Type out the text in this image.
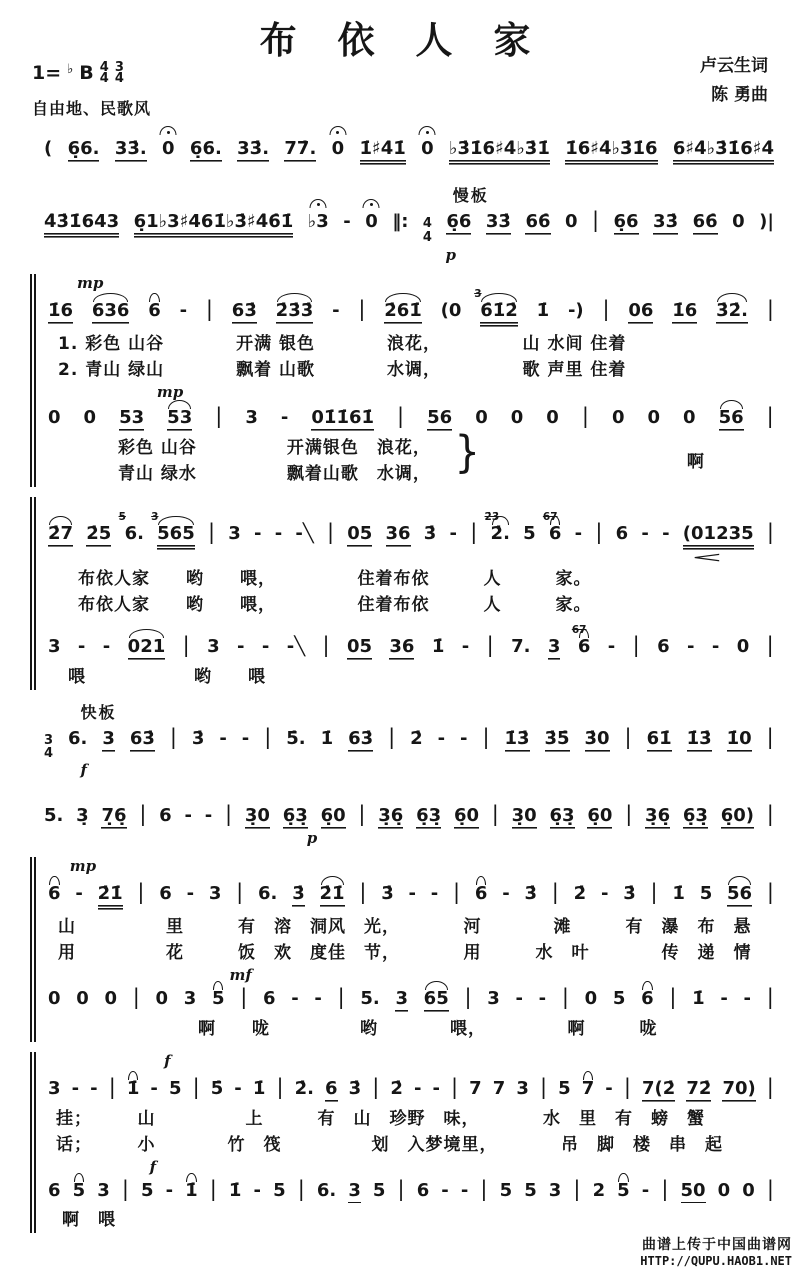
布 依 人 家
卢云生词
陈 勇曲
1= ♭ B 4
4
3
4
自由地、民歌风
( 6̣6. 33̇. 0 6̣6. 33̇. 77̇. 0 1̇♯4̇1̇ 0 ♭3̇1̇6♯4̇♭3̇1̇ 1̇6♯4̇♭3̇1̇6 6♯4̇♭3̇1̇6♯4̇
慢板
p
4̇3̇1̇643 6̣1♭3♯461̇♭3̇♯4̇6̇1̇ ♭3 - 0 ‖: 4
4
6̣6 33̇ 66̇ 0 | 6̣6 33̇ 66̇ 0 )|
mp
1̇6 636 6 - | 63̇ 2̇3̇3̇ - | 2̇61̇ (0
3
6̇1̇2̇ 1̇ -) | 06 1̇6 3̇2̇. |
1. 彩色 山谷　　　　开满 银色　　　　浪花，　　　　　山 水间 住着
2. 青山 绿山　　　　飘着 山歌　　　　水调，　　　　　歌 声里 住着
mp
0 0 53 53 | 3 - 01̇1̇61̇ | 56 0 0 0 | 0 0 0 56 |
彩色 山谷　　　　　开满银色　浪花， }	啊
青山 绿水　　　　　飘着山歌　水调，
<
2̇7 2̇5
5
6.
3
565 | 3 - - -╲ | 05 36 3̇ - |
2̇3̇
2̇. 5
67
6 - | 6 - - (01235 |
布依人家　　哟　　喂，　　　　　住着布依　　　人　　　家。
布依人家　　哟　　喂，　　　　　住着布依　　　人　　　家。
3 - - 021 | 3 - - -╲ | 05 36 1̇ - | 7. 3
67
6 - | 6 - - 0 |
喂　　　　　　哟　　喂
快板
f
3
4
6. 3 63̇ | 3̇ - - | 5̇. 1̇ 63̇ | 2̇ - - | 1̇3̇ 3̇5̇ 3̇0 | 61̇ 1̇3̇ 1̇0 |
p
5. 3̣ 7̣6̣ | 6 - - | 3̣0 6̣3̣ 6̣0 | 3̣6̣ 6̣3̣ 6̣0 | 3̣0 6̣3̣ 6̣0 | 3̣6̣ 6̣3̣ 6̣0) |
mp
6 - 2̇1̇ | 6 - 3 | 6. 3̇ 2̇1̇ | 3̇ - - | 6 - 3̇ | 2̇ - 3̇ | 1̇ 5 56 |
山　　　　　里　　　有　溶　洞风　光，　　　　河　　　　滩　　　有　瀑　布　悬
用　　　　　花　　　饭　欢　度佳　节，　　　　用　　　水　叶　　　　传　递　情
mf
0 0 0 | 0 3 5 | 6 - - | 5. 3 65 | 3 - - | 0 5 6 | 1̇ - - |
啊　　咙　　　　　哟　　　　喂，　　　　　啊　　　咙
f
3 - - | 1̇ - 5 | 5̇ - 1̇ | 2̇. 6 3̇ | 2̇ - - | 7 7 3 | 5 7 - | 7(2̇ 72̇ 70) |
挂；　　　山　　　　　上　　　有　山　珍野　味，　　　　水　里　有　螃　蟹
话；　　　小　　　　竹　筏　　　　　划　入梦境里，　　　　吊　脚　楼　串　起
f
6 5 3 | 5 - 1̇ | 1̇ - 5 | 6. 3 5 | 6 - - | 5 5 3 | 2 5 - | 50 0 0 |
啊　喂
曲谱上传于中国曲谱网
HTTP://QUPU.HAOB1.NET
